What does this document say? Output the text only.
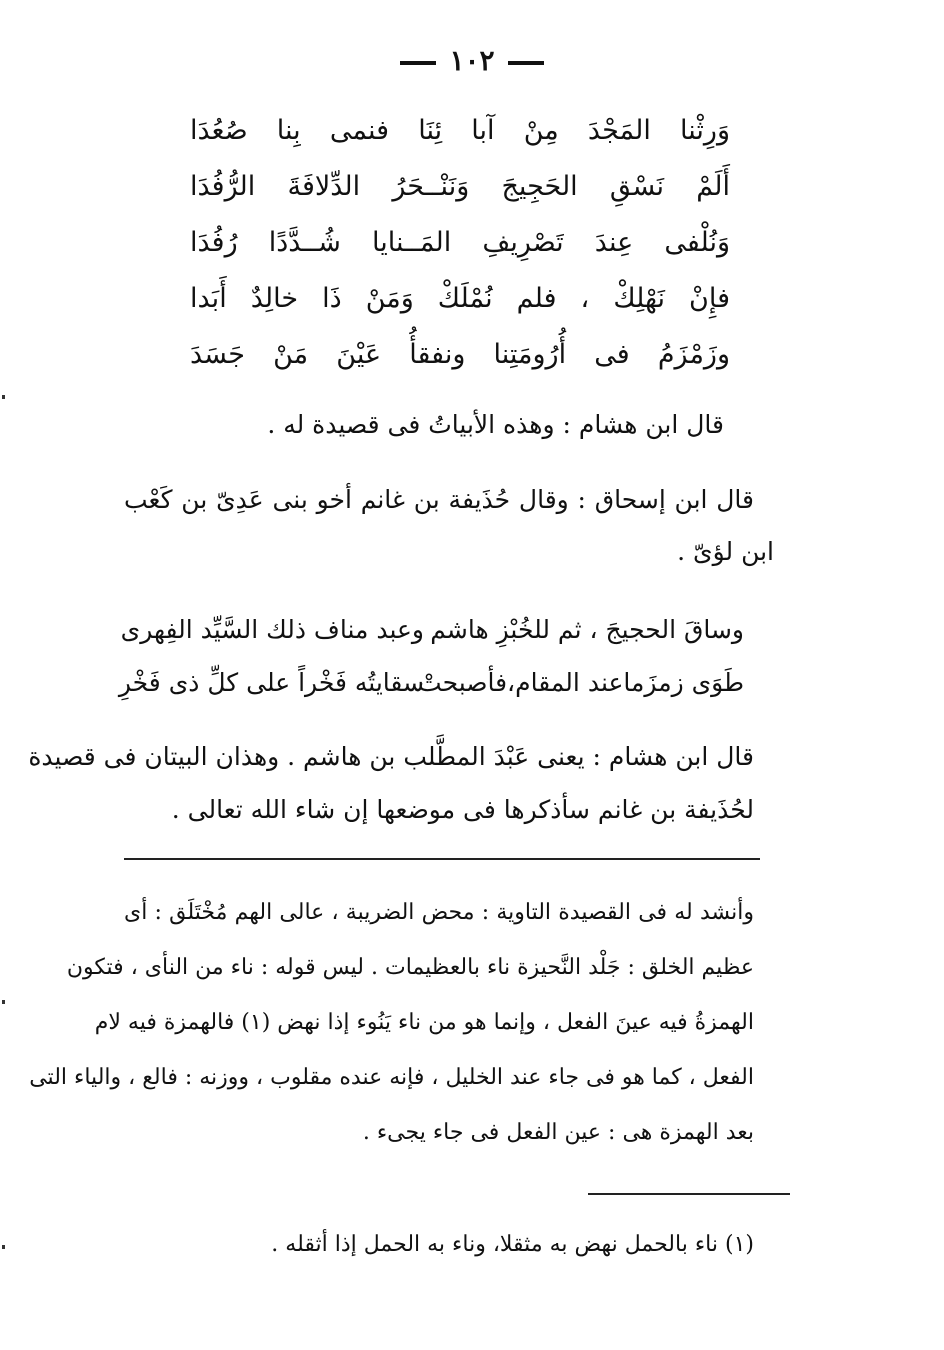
١٠٢
وَرِثْنا المَجْدَ مِنْ آبا ئِنَا فنمى بِنا صُعُدَا
أَلَمْ نَسْقِ الحَجِيجَ وَنَنْــحَرُ الدِّلافَةَ الرُّفُدَا
وَنُلْفى عِندَ تَصْرِيفِ المَــنايا شُــدَّدًا رُفُدَا
فإِنْ نَهْلِكْ ، فلم نُمْلَكْ وَمَنْ ذَا خالِدٌ أَبَدا
وزَمْزَمُ فى أُرُومَتِنا ونفقأُ عَيْنَ مَنْ جَسَدَ
قال ابن هشام : وهذه الأبياتُ فى قصيدة له .
قال ابن إسحاق : وقال حُذَيفة بن غانم أخو بنى عَدِىّ بن كَعْب
ابن لؤىّ .
وساقَ الحجيجَ ، ثم للخُبْزِ هاشم
وعبد مناف ذلك السَّيِّد الفِهرى
طَوَى زمزَماعند المقام،فأصبحتْ
سقايتُه فَخْراً على كلِّ ذى فَخْرِ
قال ابن هشام : يعنى عَبْدَ المطَّلب بن هاشم . وهذان البيتان فى قصيدة
لحُذَيفة بن غانم سأذكرها فى موضعها إن شاء الله تعالى .
وأنشد له فى القصيدة التاوية : محض الضريبة ، عالى الهم مُخْتَلَق : أى
عظيم الخلق : جَلْد النَّحيزة ناء بالعظيمات . ليس قوله : ناء من النأى ، فتكون
الهمزةُ فيه عينَ الفعل ، وإنما هو من ناء يَنُوء إذا نهض (١) فالهمزة فيه لام
الفعل ، كما هو فى جاء عند الخليل ، فإنه عنده مقلوب ، ووزنه : فالع ، والياء التى
بعد الهمزة هى : عين الفعل فى جاء يجىء .
(١) ناء بالحمل نهض به مثقلا، وناء به الحمل إذا أثقله .
